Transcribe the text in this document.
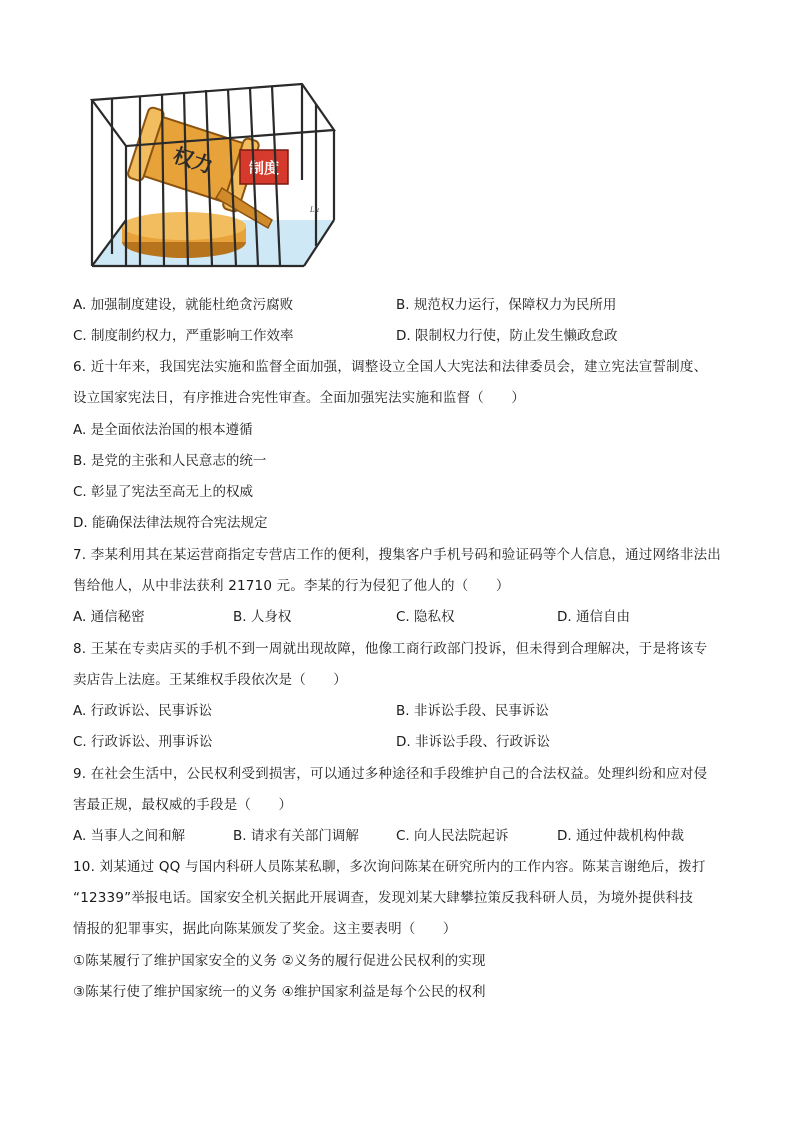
权力 制度
Lu
A. 加强制度建设，就能杜绝贪污腐败	B. 规范权力运行，保障权力为民所用
C. 制度制约权力，严重影响工作效率	D. 限制权力行使，防止发生懒政怠政
6. 近十年来，我国宪法实施和监督全面加强，调整设立全国人大宪法和法律委员会，建立宪法宣誓制度、
设立国家宪法日，有序推进合宪性审查。全面加强宪法实施和监督（　　）
A. 是全面依法治国的根本遵循
B. 是党的主张和人民意志的统一
C. 彰显了宪法至高无上的权威
D. 能确保法律法规符合宪法规定
7. 李某利用其在某运营商指定专营店工作的便利，搜集客户手机号码和验证码等个人信息，通过网络非法出
售给他人，从中非法获利 21710 元。李某的行为侵犯了他人的（　　）
A. 通信秘密	B. 人身权	C. 隐私权	D. 通信自由
8. 王某在专卖店买的手机不到一周就出现故障，他像工商行政部门投诉，但未得到合理解决，于是将该专
卖店告上法庭。王某维权手段依次是（　　）
A. 行政诉讼、民事诉讼	B. 非诉讼手段、民事诉讼
C. 行政诉讼、刑事诉讼	D. 非诉讼手段、行政诉讼
9. 在社会生活中，公民权利受到损害，可以通过多种途径和手段维护自己的合法权益。处理纠纷和应对侵
害最正规，最权威的手段是（　　）
A. 当事人之间和解	B. 请求有关部门调解	C. 向人民法院起诉	D. 通过仲裁机构仲裁
10. 刘某通过 QQ 与国内科研人员陈某私聊，多次询问陈某在研究所内的工作内容。陈某言谢绝后，拨打
“12339”举报电话。国家安全机关据此开展调查，发现刘某大肆攀拉策反我科研人员，为境外提供科技
情报的犯罪事实，据此向陈某颁发了奖金。这主要表明（　　）
①陈某履行了维护国家安全的义务 ②义务的履行促进公民权利的实现
③陈某行使了维护国家统一的义务 ④维护国家利益是每个公民的权利
